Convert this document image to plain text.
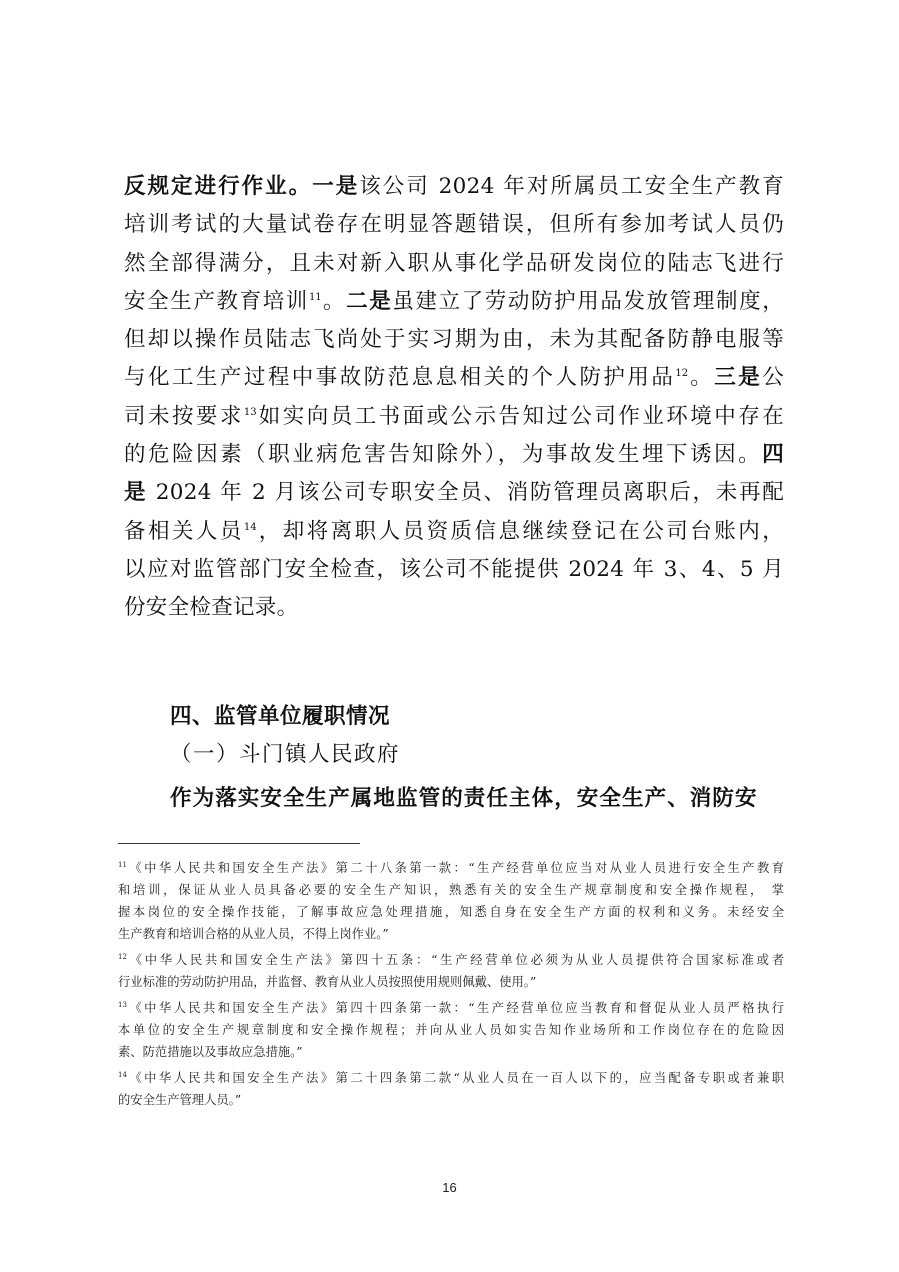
反规定进行作业。一是该公司 2024 年对所属员工安全生产教育
培训考试的大量试卷存在明显答题错误，但所有参加考试人员仍
然全部得满分，且未对新入职从事化学品研发岗位的陆志飞进行
安全生产教育培训$^{11}$。二是虽建立了劳动防护用品发放管理制度，
但却以操作员陆志飞尚处于实习期为由，未为其配备防静电服等
与化工生产过程中事故防范息息相关的个人防护用品$^{12}$。三是公
司未按要求$^{13}$如实向员工书面或公示告知过公司作业环境中存在
的危险因素（职业病危害告知除外），为事故发生埋下诱因。四
是 2024 年 2 月该公司专职安全员、消防管理员离职后，未再配
备相关人员$^{14}$，却将离职人员资质信息继续登记在公司台账内，
以应对监管部门安全检查，该公司不能提供 2024 年 3、4、5 月
份安全检查记录。
四、监管单位履职情况
（一）斗门镇人民政府
作为落实安全生产属地监管的责任主体，安全生产、消防安
$^{11}$《中华人民共和国安全生产法》第二十八条第一款：“生产经营单位应当对从业人员进行安全生产教育
和培训，保证从业人员具备必要的安全生产知识，熟悉有关的安全生产规章制度和安全操作规程， 掌
握本岗位的安全操作技能，了解事故应急处理措施，知悉自身在安全生产方面的权利和义务。未经安全
生产教育和培训合格的从业人员，不得上岗作业。”
$^{12}$《中华人民共和国安全生产法》第四十五条：“生产经营单位必须为从业人员提供符合国家标准或者
行业标准的劳动防护用品，并监督、教育从业人员按照使用规则佩戴、使用。”
$^{13}$《中华人民共和国安全生产法》第四十四条第一款：“生产经营单位应当教育和督促从业人员严格执行
本单位的安全生产规章制度和安全操作规程；并向从业人员如实告知作业场所和工作岗位存在的危险因
素、防范措施以及事故应急措施。”
$^{14}$《中华人民共和国安全生产法》第二十四条第二款“从业人员在一百人以下的，应当配备专职或者兼职
的安全生产管理人员。”
16
